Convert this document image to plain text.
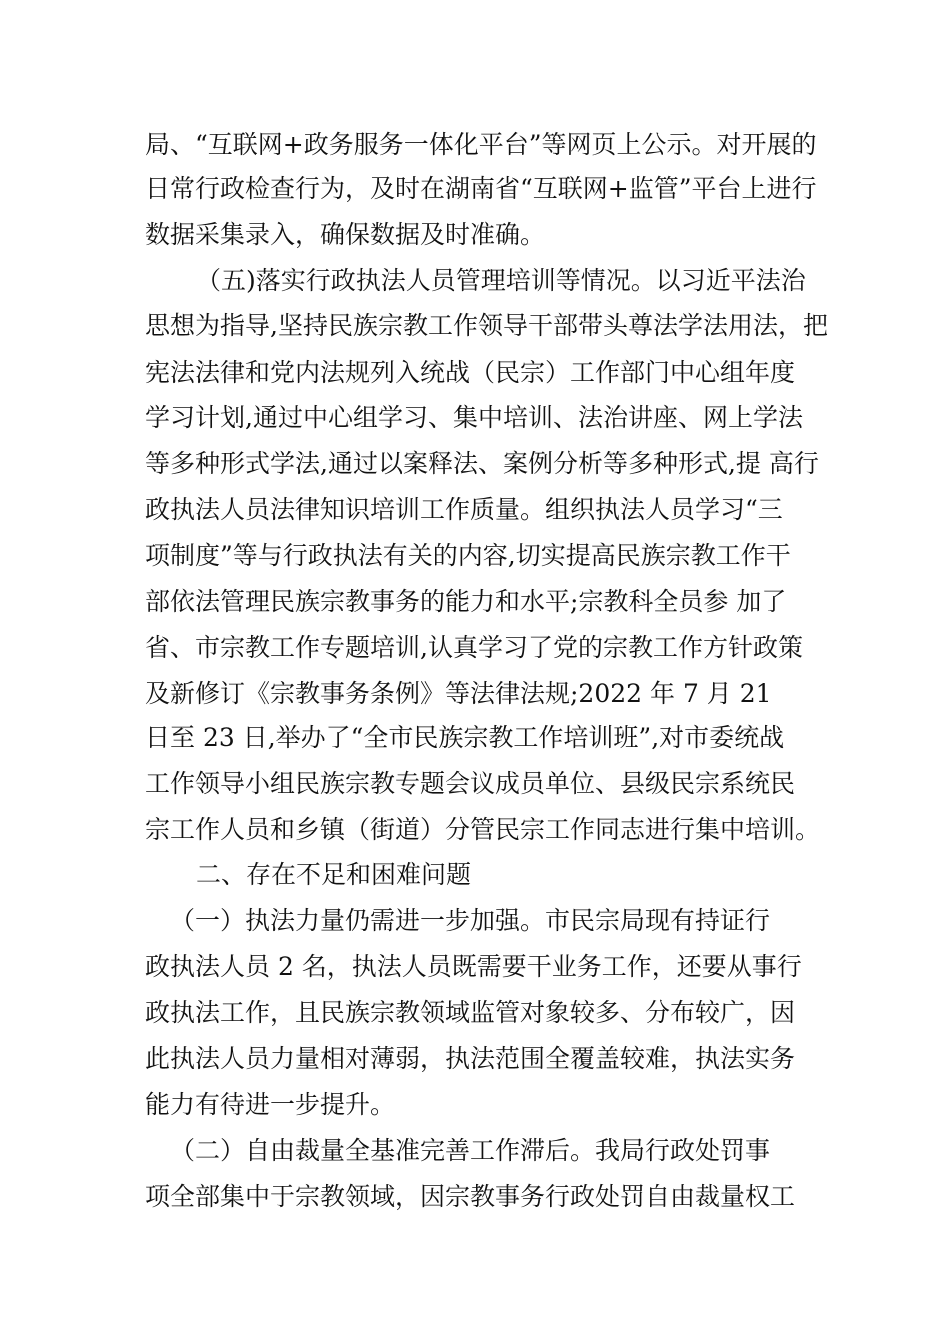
局、“互联网+政务服务一体化平台”等网页上公示。对开展的
日常行政检查行为，及时在湖南省“互联网+监管”平台上进行
数据采集录入，确保数据及时准确。
（五)落实行政执法人员管理培训等情况。以习近平法治
思想为指导,坚持民族宗教工作领导干部带头尊法学法用法，把
宪法法律和党内法规列入统战（民宗）工作部门中心组年度
学习计划,通过中心组学习、集中培训、法治讲座、网上学法
等多种形式学法,通过以案释法、案例分析等多种形式,提 高行
政执法人员法律知识培训工作质量。组织执法人员学习“三
项制度”等与行政执法有关的内容,切实提高民族宗教工作干
部依法管理民族宗教事务的能力和水平;宗教科全员参 加了
省、市宗教工作专题培训,认真学习了党的宗教工作方针政策
及新修订《宗教事务条例》等法律法规;2022 年 7 月 21
日至 23 日,举办了“全市民族宗教工作培训班”,对市委统战
工作领导小组民族宗教专题会议成员单位、县级民宗系统民
宗工作人员和乡镇（街道）分管民宗工作同志进行集中培训。
二、存在不足和困难问题
（一）执法力量仍需进一步加强。市民宗局现有持证行
政执法人员 2 名，执法人员既需要干业务工作，还要从事行
政执法工作，且民族宗教领域监管对象较多、分布较广，因
此执法人员力量相对薄弱，执法范围全覆盖较难，执法实务
能力有待进一步提升。
（二）自由裁量全基准完善工作滞后。我局行政处罚事
项全部集中于宗教领域，因宗教事务行政处罚自由裁量权工
